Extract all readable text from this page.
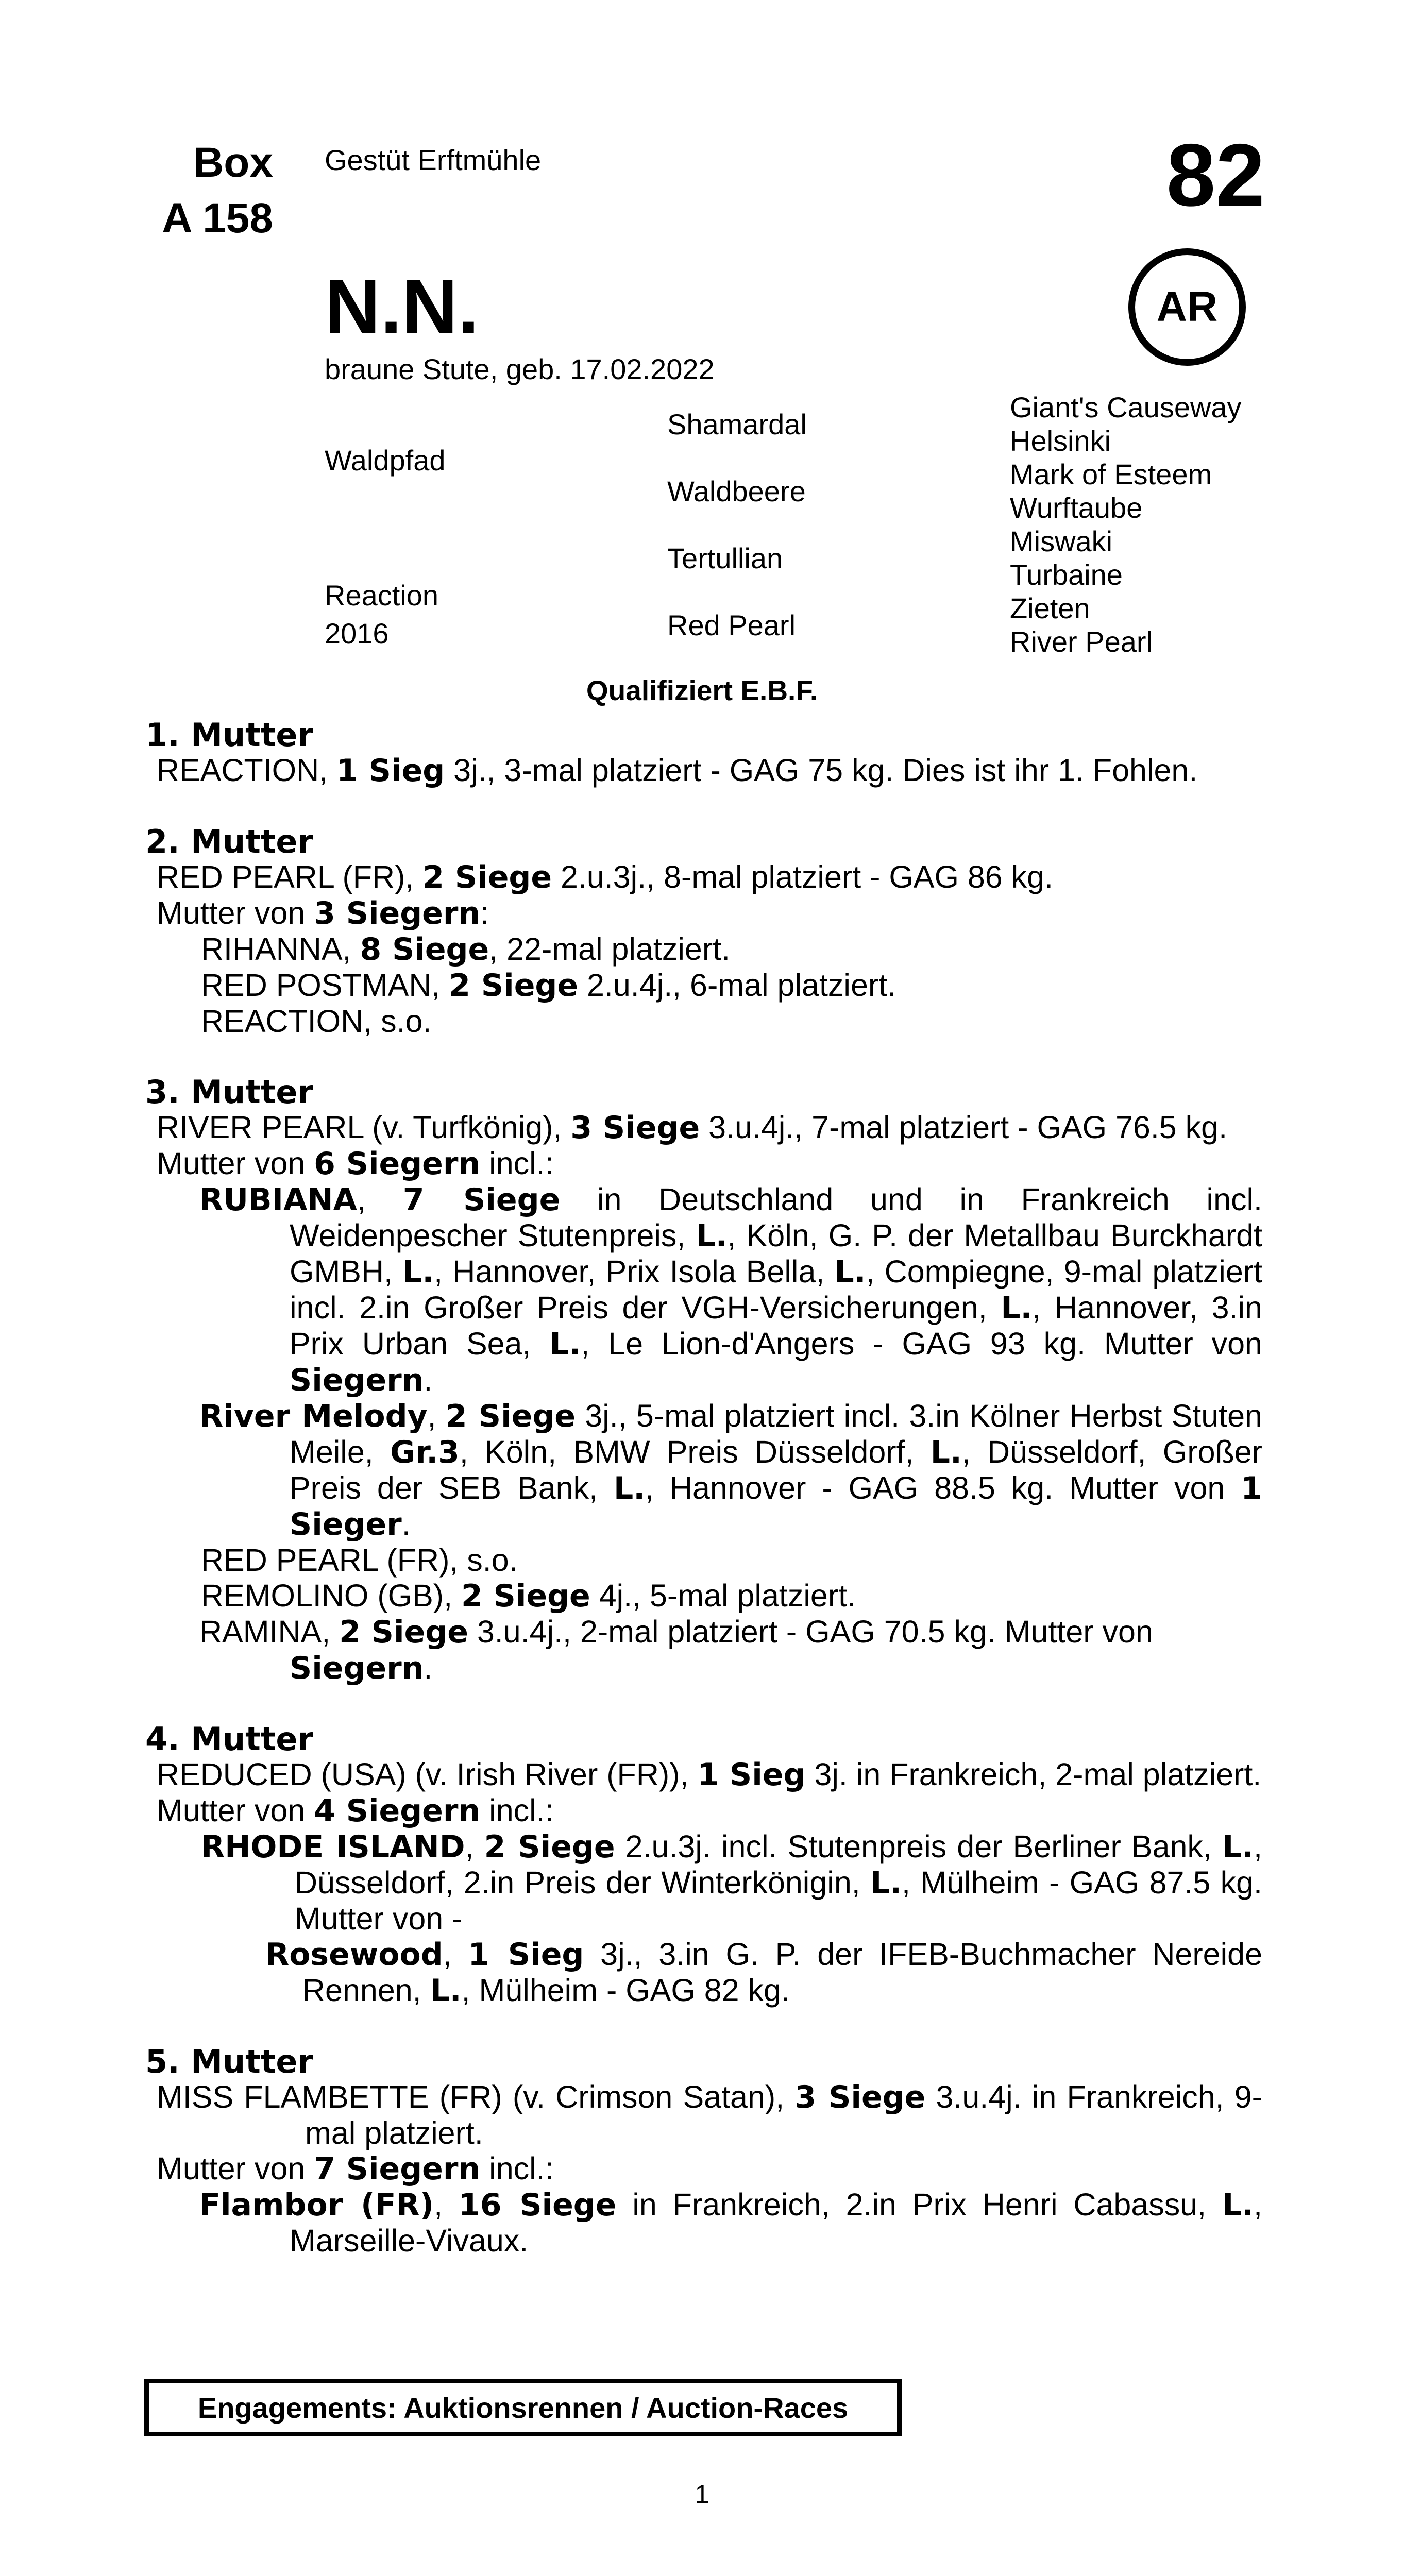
Box
A 158
Gestüt Erftmühle	82
AR
N.N.
braune Stute, geb. 17.02.2022
Waldpfad
Reaction
2016
Shamardal
Waldbeere
Tertullian
Red Pearl
Giant's Causeway
Helsinki
Mark of Esteem
Wurftaube
Miswaki
Turbaine
Zieten
River Pearl
Qualifiziert E.B.F.

1. Mutter

REACTION, 1 Sieg 3j., 3-mal platziert - GAG 75 kg. Dies ist ihr 1. Fohlen.

2. Mutter

RED PEARL (FR), 2 Siege 2.u.3j., 8-mal platziert - GAG 86 kg.

Mutter von 3 Siegern:

RIHANNA, 8 Siege, 22-mal platziert.

RED POSTMAN, 2 Siege 2.u.4j., 6-mal platziert.

REACTION, s.o.

3. Mutter

RIVER PEARL (v. Turfkönig), 3 Siege 3.u.4j., 7-mal platziert - GAG 76.5 kg.

Mutter von 6 Siegern incl.:

RUBIANA, 7 Siege in Deutschland und in Frankreich incl. Weidenpescher Stutenpreis, L., Köln, G. P. der Metallbau Burckhardt GMBH, L., Hannover, Prix Isola Bella, L., Compiegne, 9-mal platziert incl. 2.in Großer Preis der VGH-Versicherungen, L., Hannover, 3.in Prix Urban Sea, L., Le Lion-d'Angers - GAG 93 kg. Mutter von Siegern.

River Melody, 2 Siege 3j., 5-mal platziert incl. 3.in Kölner Herbst Stuten Meile, Gr.3, Köln, BMW Preis Düsseldorf, L., Düsseldorf, Großer Preis der SEB Bank, L., Hannover - GAG 88.5 kg. Mutter von 1 Sieger.

RED PEARL (FR), s.o.

REMOLINO (GB), 2 Siege 4j., 5-mal platziert.

RAMINA, 2 Siege 3.u.4j., 2-mal platziert - GAG 70.5 kg. Mutter von Siegern.

4. Mutter

REDUCED (USA) (v. Irish River (FR)), 1 Sieg 3j. in Frankreich, 2-mal platziert.

Mutter von 4 Siegern incl.:

RHODE ISLAND, 2 Siege 2.u.3j. incl. Stutenpreis der Berliner Bank, L., Düsseldorf, 2.in Preis der Winterkönigin, L., Mülheim - GAG 87.5 kg. Mutter von -

Rosewood, 1 Sieg 3j., 3.in G. P. der IFEB-Buchmacher Nereide Rennen, L., Mülheim - GAG 82 kg.

5. Mutter

MISS FLAMBETTE (FR) (v. Crimson Satan), 3 Siege 3.u.4j. in Frankreich, 9-mal platziert.

Mutter von 7 Siegern incl.:

Flambor (FR), 16 Siege in Frankreich, 2.in Prix Henri Cabassu, L., Marseille-Vivaux.

Engagements: Auktionsrennen / Auction-Races
1
